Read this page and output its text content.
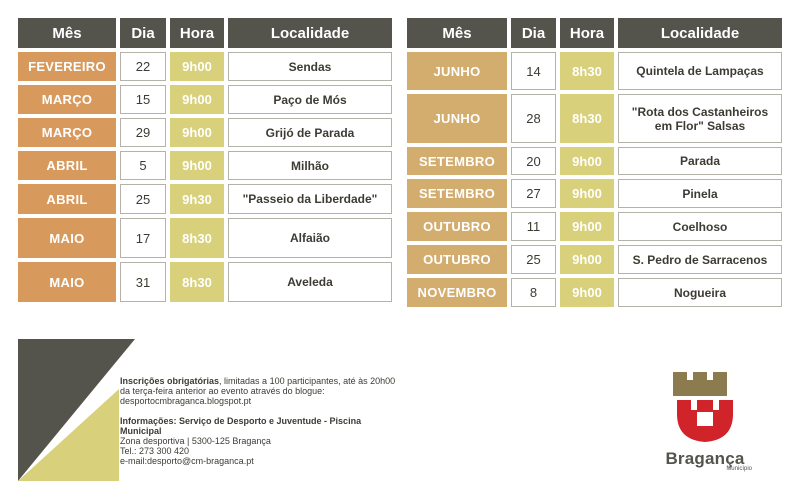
Mês	Dia	Hora	Localidade
FEVEREIRO	22	9h00	Sendas
MARÇO	15	9h00	Paço de Mós
MARÇO	29	9h00	Grijó de Parada
ABRIL	5	9h00	Milhão
ABRIL	25	9h30	"Passeio da Liberdade"
MAIO	17	8h30	Alfaião
MAIO	31	8h30	Aveleda
Mês	Dia	Hora	Localidade
JUNHO	14	8h30	Quintela de Lampaças
JUNHO	28	8h30	"Rota dos Castanheiros em Flor" Salsas
SETEMBRO	20	9h00	Parada
SETEMBRO	27	9h00	Pinela
OUTUBRO	11	9h00	Coelhoso
OUTUBRO	25	9h00	S. Pedro de Sarracenos
NOVEMBRO	8	9h00	Nogueira

Inscrições obrigatórias, limitadas a 100 participantes, até às 20h00 da terça-feira anterior ao evento através do blogue: desportocmbraganca.blogspot.pt

Informações: Serviço de Desporto e Juventude - Piscina Municipal
Zona desportiva | 5300-125 Bragança
Tel.: 273 300 420
e-mail:desporto@cm-braganca.pt	Bragança
Município
